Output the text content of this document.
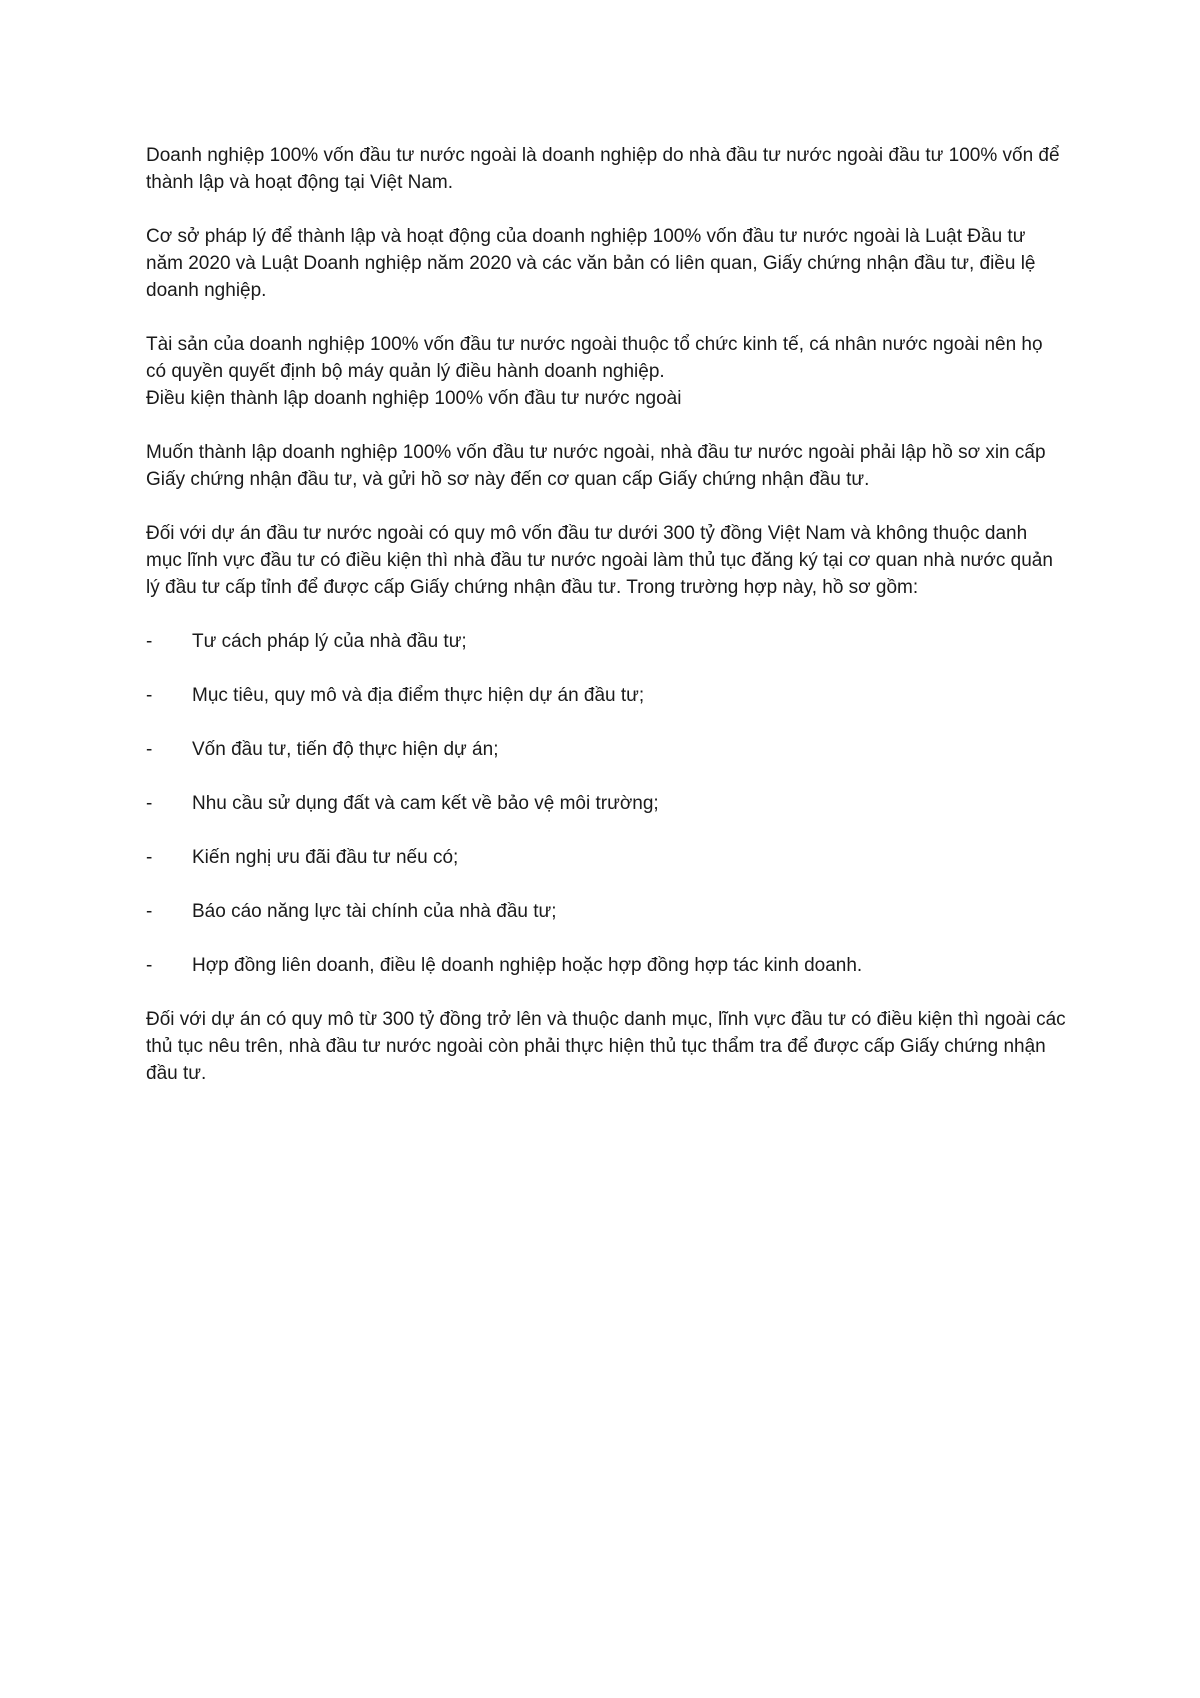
Doanh nghiệp 100% vốn đầu tư nước ngoài là doanh nghiệp do nhà đầu tư nước ngoài đầu tư 100% vốn để thành lập và hoạt động tại Việt Nam.

Cơ sở pháp lý để thành lập và hoạt động của doanh nghiệp 100% vốn đầu tư nước ngoài là Luật Đầu tư năm 2020 và Luật Doanh nghiệp năm 2020 và các văn bản có liên quan, Giấy chứng nhận đầu tư, điều lệ doanh nghiệp.

Tài sản của doanh nghiệp 100% vốn đầu tư nước ngoài thuộc tổ chức kinh tế, cá nhân nước ngoài nên họ có quyền quyết định bộ máy quản lý điều hành doanh nghiệp.

Điều kiện thành lập doanh nghiệp 100% vốn đầu tư nước ngoài

Muốn thành lập doanh nghiệp 100% vốn đầu tư nước ngoài, nhà đầu tư nước ngoài phải lập hồ sơ xin cấp Giấy chứng nhận đầu tư, và gửi hồ sơ này đến cơ quan cấp Giấy chứng nhận đầu tư.

Đối với dự án đầu tư nước ngoài có quy mô vốn đầu tư dưới 300 tỷ đồng Việt Nam và không thuộc danh mục lĩnh vực đầu tư có điều kiện thì nhà đầu tư nước ngoài làm thủ tục đăng ký tại cơ quan nhà nước quản lý đầu tư cấp tỉnh để được cấp Giấy chứng nhận đầu tư. Trong trường hợp này, hồ sơ gồm:

-	Tư cách pháp lý của nhà đầu tư;
-	Mục tiêu, quy mô và địa điểm thực hiện dự án đầu tư;
-	Vốn đầu tư, tiến độ thực hiện dự án;
-	Nhu cầu sử dụng đất và cam kết về bảo vệ môi trường;
-	Kiến nghị ưu đãi đầu tư nếu có;
-	Báo cáo năng lực tài chính của nhà đầu tư;
-	Hợp đồng liên doanh, điều lệ doanh nghiệp hoặc hợp đồng hợp tác kinh doanh.

Đối với dự án có quy mô từ 300 tỷ đồng trở lên và thuộc danh mục, lĩnh vực đầu tư có điều kiện thì ngoài các thủ tục nêu trên, nhà đầu tư nước ngoài còn phải thực hiện thủ tục thẩm tra để được cấp Giấy chứng nhận đầu tư.
